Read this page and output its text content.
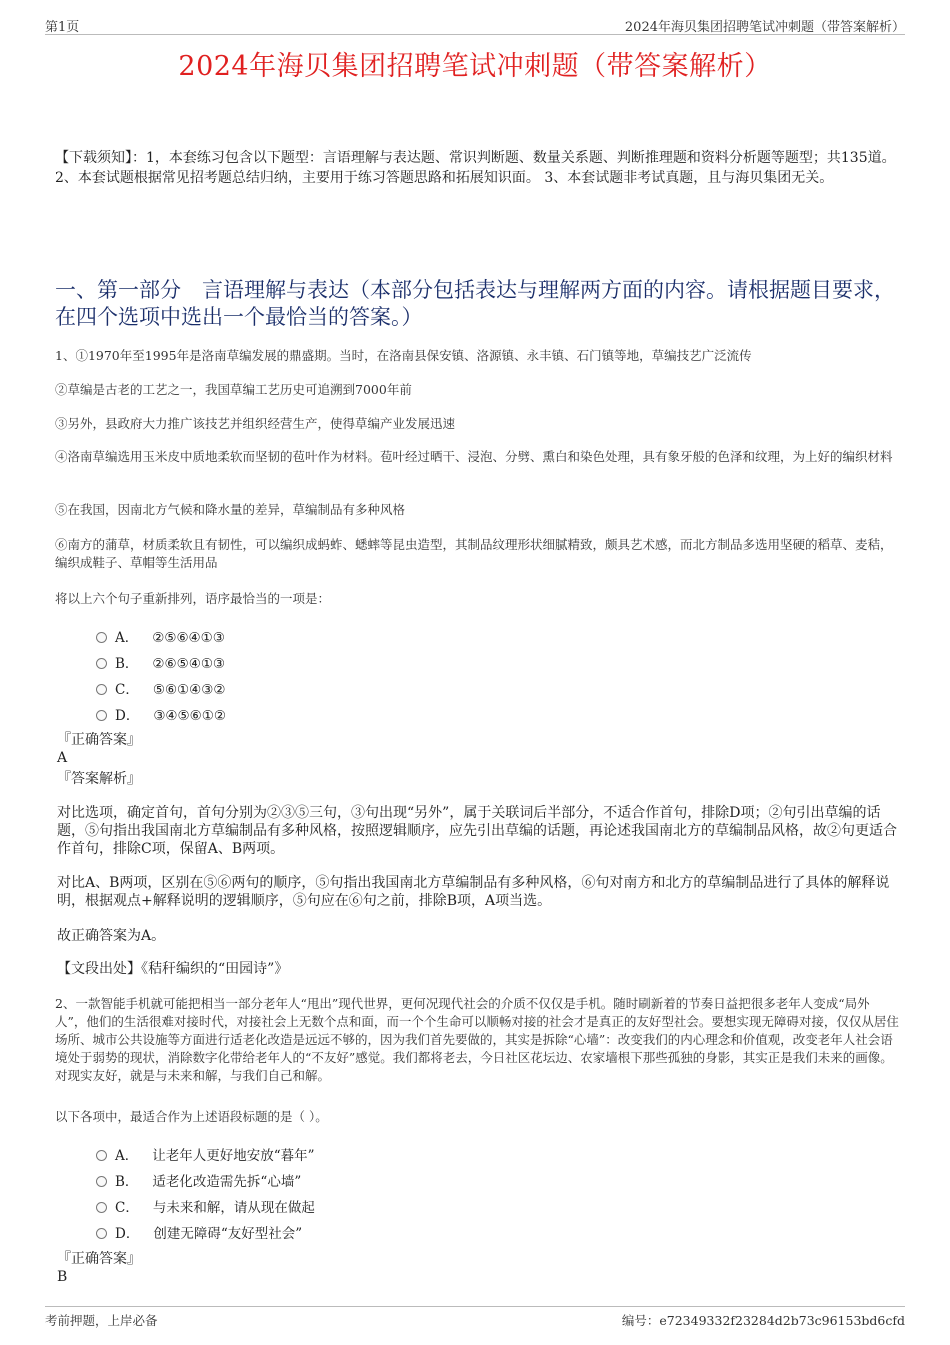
第1页	2024年海贝集团招聘笔试冲刺题（带答案解析）
2024年海贝集团招聘笔试冲刺题（带答案解析）
【下载须知】：1，本套练习包含以下题型：言语理解与表达题、常识判断题、数量关系题、判断推理题和资料分析题等题型；共135道。 2、本套试题根据常见招考题总结归纳，主要用于练习答题思路和拓展知识面。 3、本套试题非考试真题，且与海贝集团无关。
一、第一部分　言语理解与表达（本部分包括表达与理解两方面的内容。请根据题目要求，在四个选项中选出一个最恰当的答案。）
1、①1970年至1995年是洛南草编发展的鼎盛期。当时，在洛南县保安镇、洛源镇、永丰镇、石门镇等地，草编技艺广泛流传
②草编是古老的工艺之一，我国草编工艺历史可追溯到7000年前
③另外，县政府大力推广该技艺并组织经营生产，使得草编产业发展迅速
④洛南草编选用玉米皮中质地柔软而坚韧的苞叶作为材料。苞叶经过晒干、浸泡、分劈、熏白和染色处理，具有象牙般的色泽和纹理，为上好的编织材料
⑤在我国，因南北方气候和降水量的差异，草编制品有多种风格
⑥南方的蒲草，材质柔软且有韧性，可以编织成蚂蚱、蟋蟀等昆虫造型，其制品纹理形状细腻精致，颇具艺术感，而北方制品多选用坚硬的稻草、麦秸，编织成鞋子、草帽等生活用品
将以上六个句子重新排列，语序最恰当的一项是：
A． ②⑤⑥④①③
B． ②⑥⑤④①③
C． ⑤⑥①④③②
D． ③④⑤⑥①②
『正确答案』
A
『答案解析』
对比选项，确定首句，首句分别为②③⑤三句，③句出现“另外”，属于关联词后半部分，不适合作首句，排除D项；②句引出草编的话题，⑤句指出我国南北方草编制品有多种风格，按照逻辑顺序，应先引出草编的话题，再论述我国南北方的草编制品风格，故②句更适合作首句，排除C项，保留A、B两项。
对比A、B两项，区别在⑤⑥两句的顺序，⑤句指出我国南北方草编制品有多种风格，⑥句对南方和北方的草编制品进行了具体的解释说明，根据观点+解释说明的逻辑顺序，⑤句应在⑥句之前，排除B项，A项当选。
故正确答案为A。
【文段出处】《秸秆编织的“田园诗”》
2、一款智能手机就可能把相当一部分老年人“甩出”现代世界，更何况现代社会的介质不仅仅是手机。随时刷新着的节奏日益把很多老年人变成“局外人”，他们的生活很难对接时代，对接社会上无数个点和面，而一个个生命可以顺畅对接的社会才是真正的友好型社会。要想实现无障碍对接，仅仅从居住场所、城市公共设施等方面进行适老化改造是远远不够的，因为我们首先要做的，其实是拆除“心墙”：改变我们的内心理念和价值观，改变老年人社会语境处于弱势的现状，消除数字化带给老年人的“不友好”感觉。我们都将老去，今日社区花坛边、农家墙根下那些孤独的身影，其实正是我们未来的画像。对现实友好，就是与未来和解，与我们自己和解。
以下各项中，最适合作为上述语段标题的是（ ）。
A． 让老年人更好地安放“暮年”
B． 适老化改造需先拆“心墙”
C． 与未来和解，请从现在做起
D． 创建无障碍“友好型社会”
『正确答案』
B
考前押题，上岸必备	编号：e72349332f23284d2b73c96153bd6cfd
